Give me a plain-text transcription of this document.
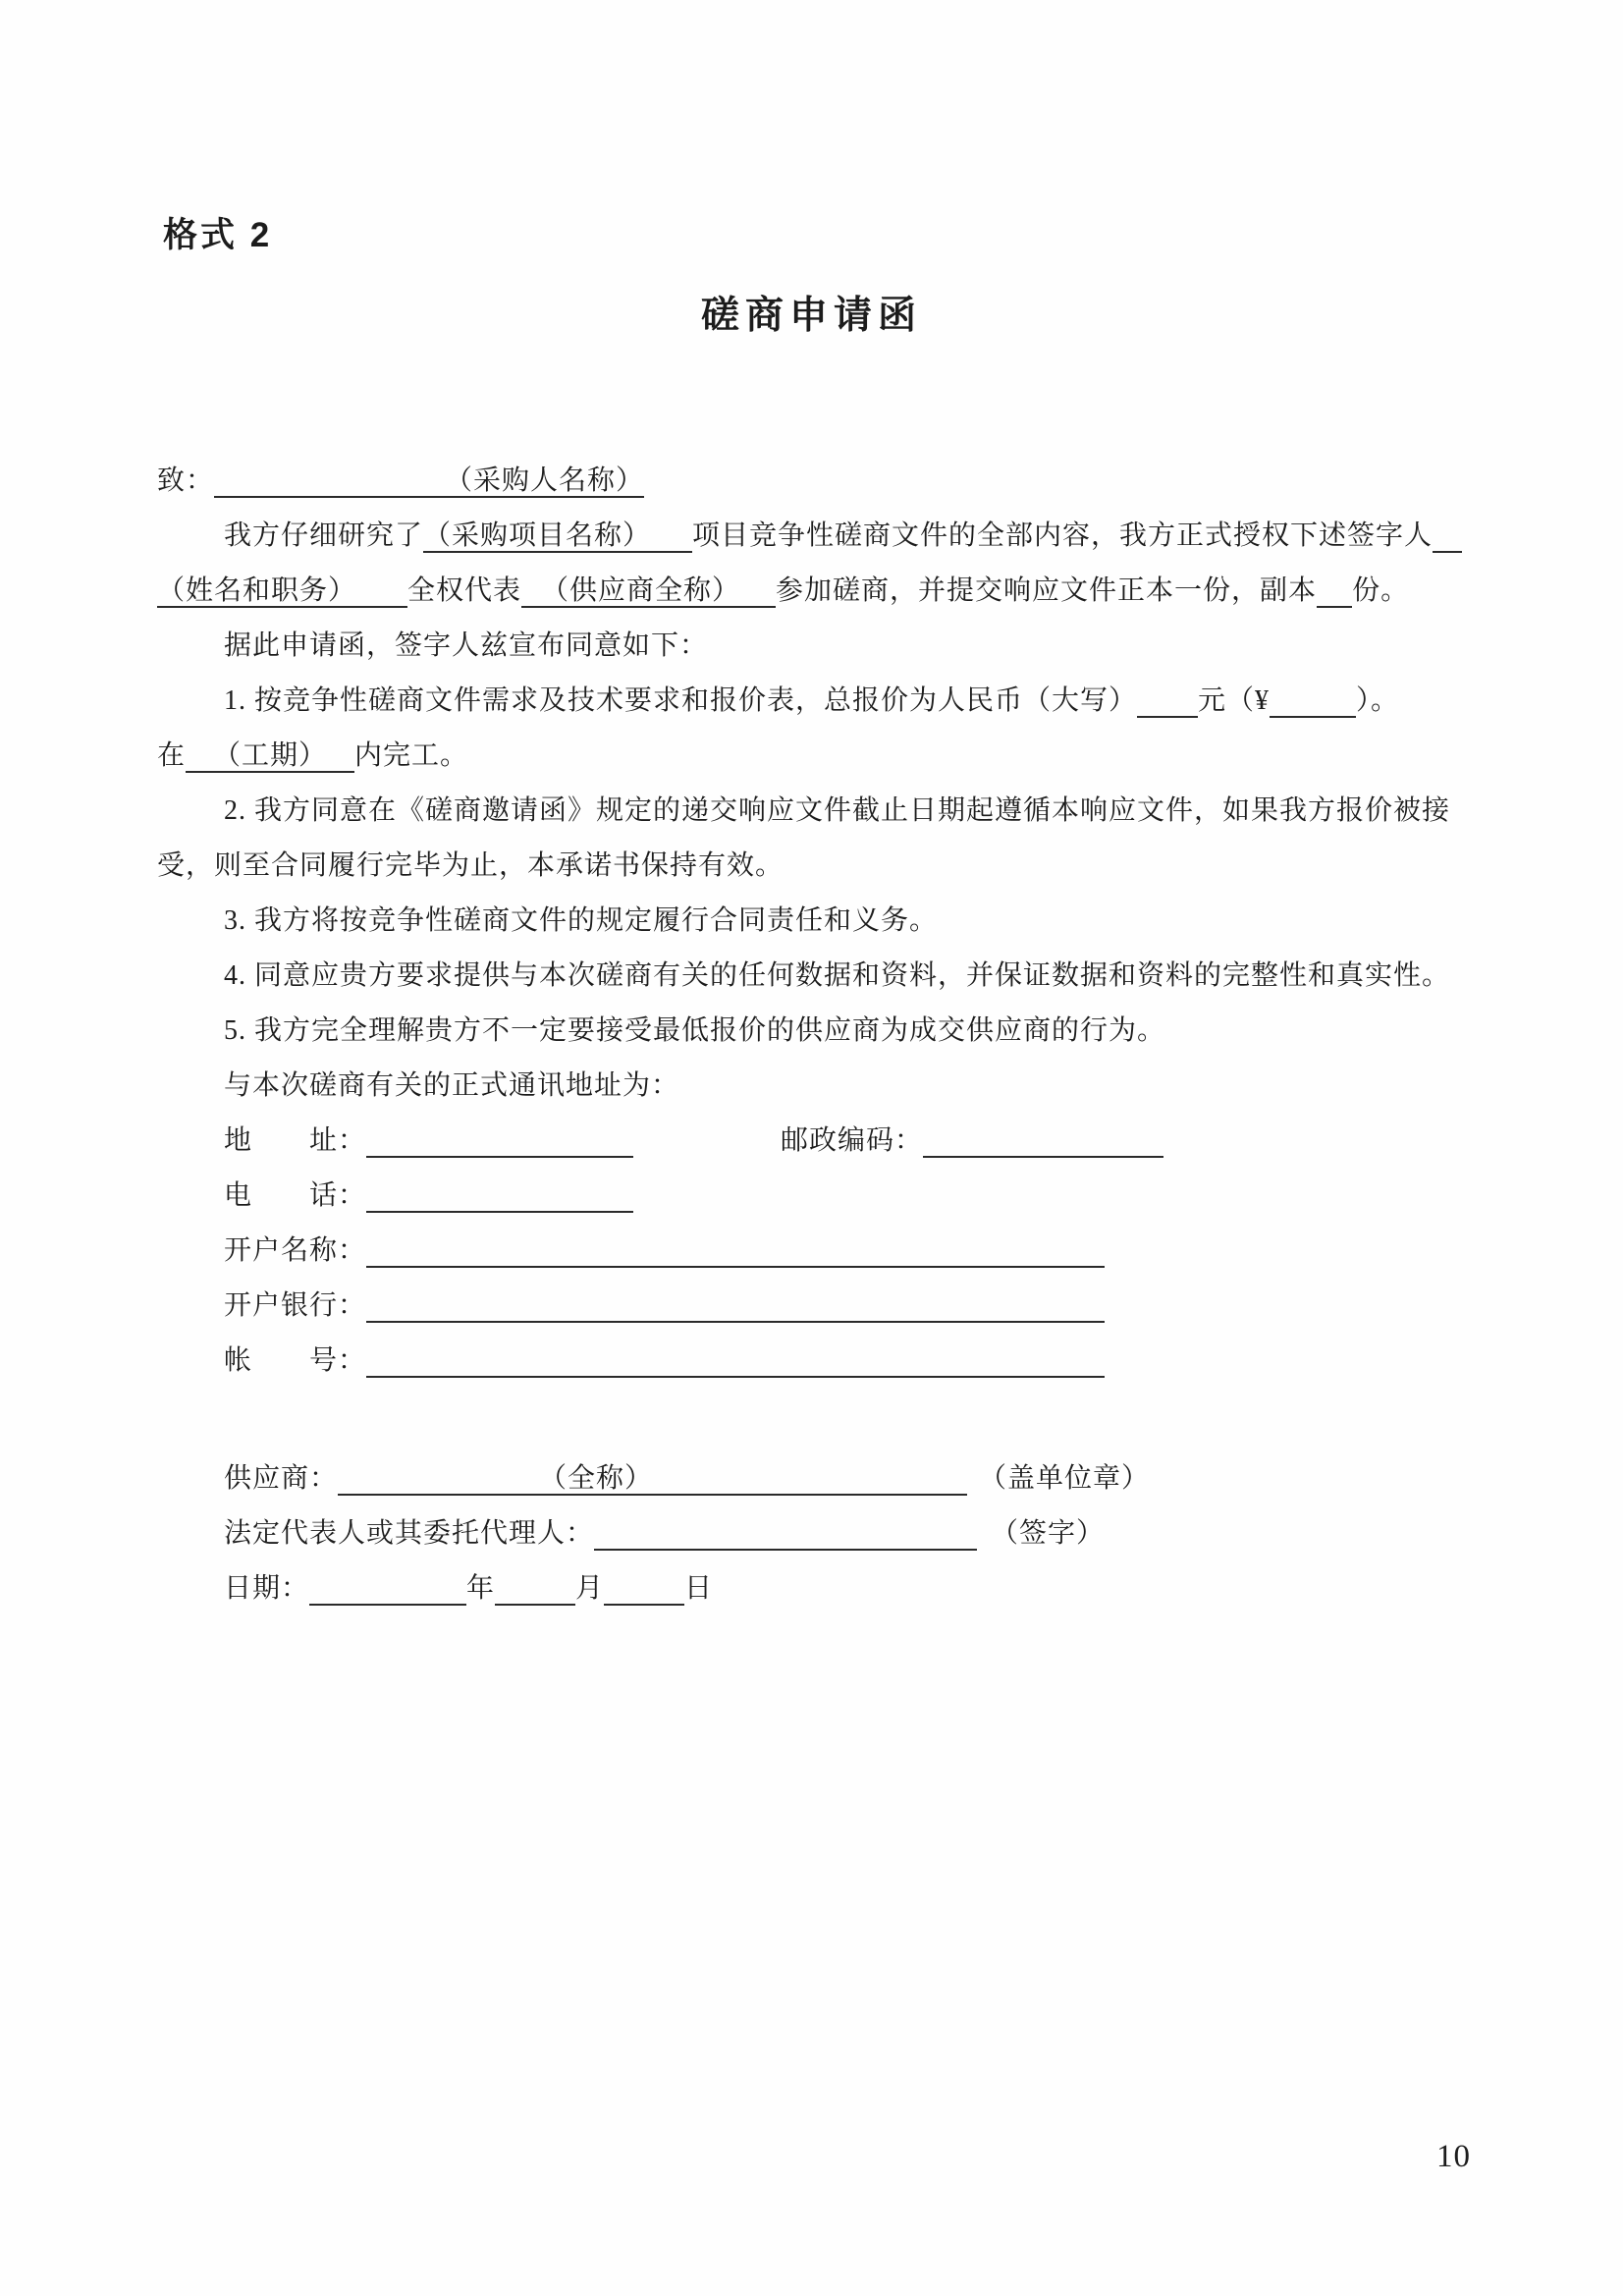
格式 2
磋商申请函
致：	（采购人名称）
我方仔细研究了（采购项目名称） 项目竞争性磋商文件的全部内容，我方正式授权下述签字人
（姓名和职务） 全权代表 （供应商全称） 参加磋商，并提交响应文件正本一份，副本 份。
据此申请函，签字人兹宣布同意如下：
1. 按竞争性磋商文件需求及技术要求和报价表，总报价为人民币（大写） 元（¥	）。
在 （工期） 内完工。
2. 我方同意在《磋商邀请函》规定的递交响应文件截止日期起遵循本响应文件，如果我方报价被接
受，则至合同履行完毕为止，本承诺书保持有效。
3. 我方将按竞争性磋商文件的规定履行合同责任和义务。
4. 同意应贵方要求提供与本次磋商有关的任何数据和资料，并保证数据和资料的完整性和真实性。
5. 我方完全理解贵方不一定要接受最低报价的供应商为成交供应商的行为。
与本次磋商有关的正式通讯地址为：
地　　址：	邮政编码：
电　　话：
开户名称：
开户银行：
帐　　号：
供应商：	（全称）	（盖单位章）
法定代表人或其委托代理人：	（签字）
日期：	年	月	日
10
